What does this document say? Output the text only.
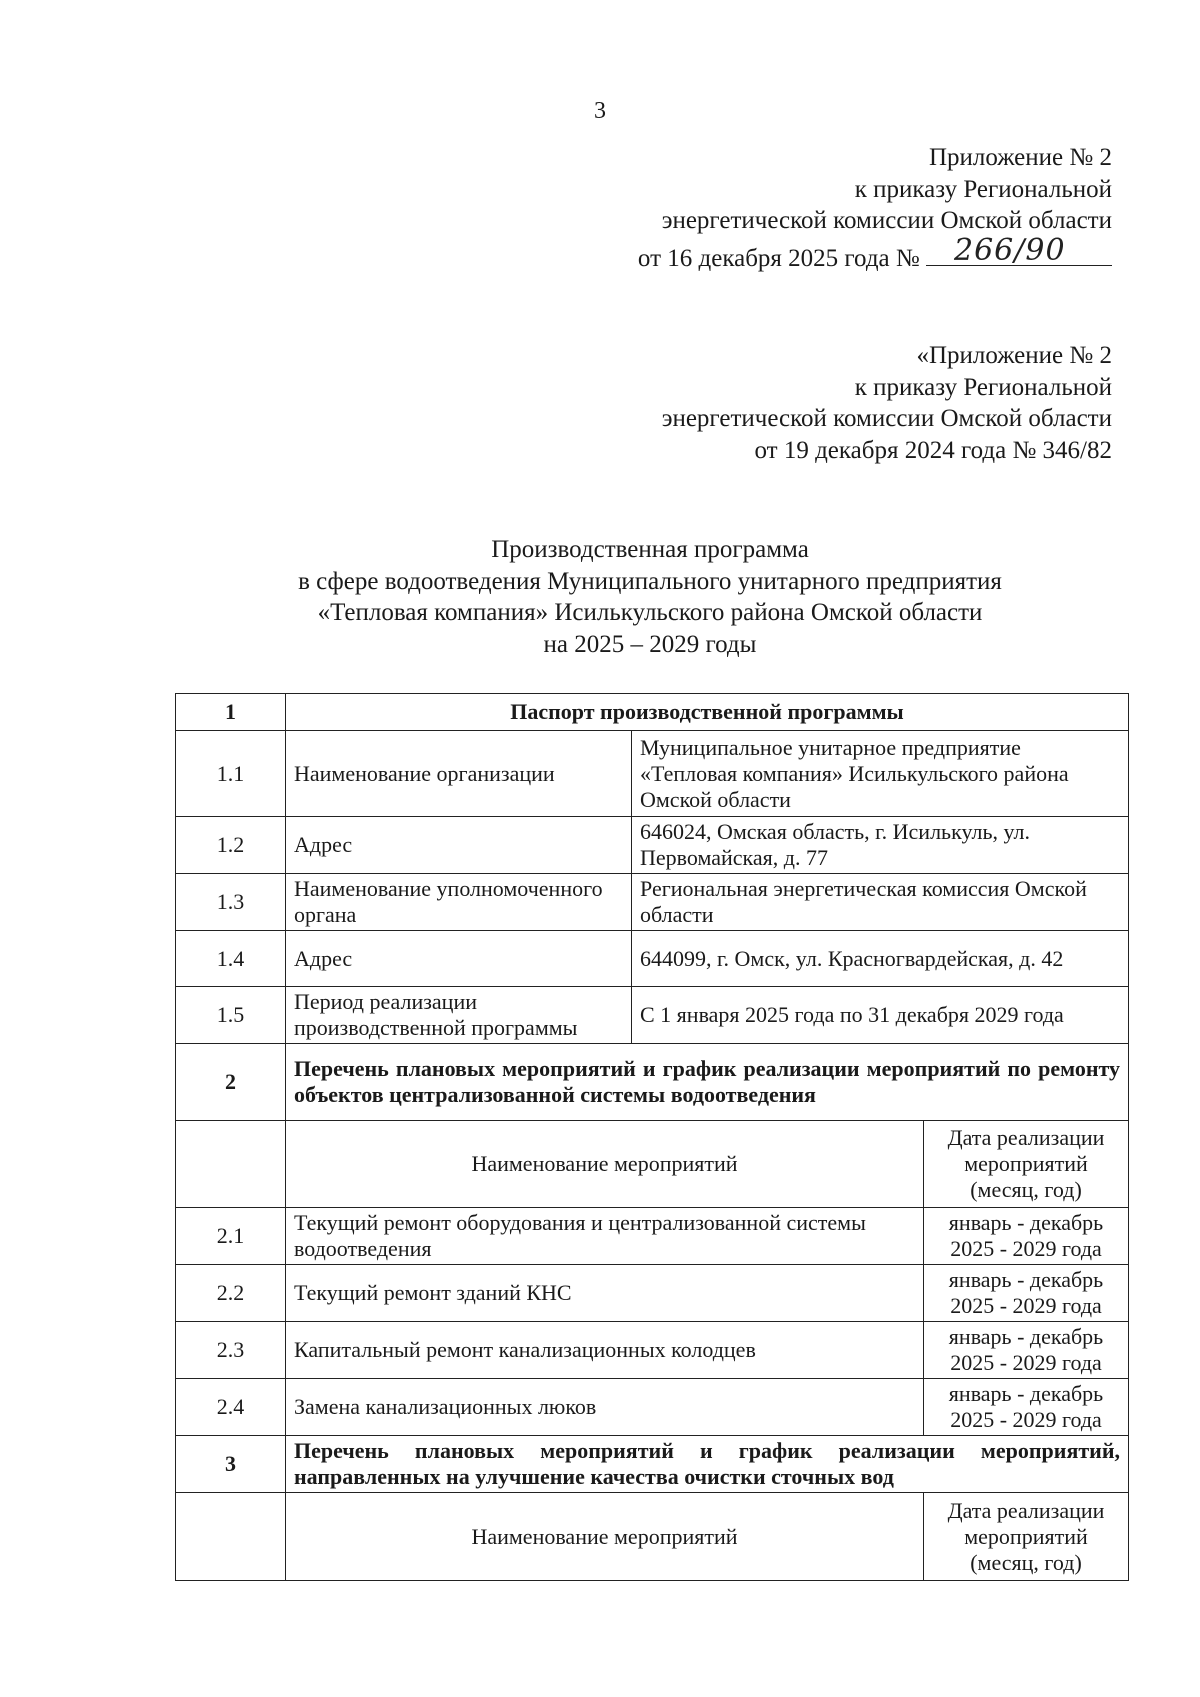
3
Приложение № 2
к приказу Региональной
энергетической комиссии Омской области
от 16 декабря 2025 года № 266/90
«Приложение № 2
к приказу Региональной
энергетической комиссии Омской области
от 19 декабря 2024 года № 346/82
Производственная программа
в сфере водоотведения Муниципального унитарного предприятия
«Тепловая компания» Исилькульского района Омской области
на 2025 – 2029 годы
1	Паспорт производственной программы		
1.1	Наименование организации	Муниципальное унитарное предприятие «Тепловая компания» Исилькульского района Омской области	
1.2	Адрес	646024, Омская область, г. Исилькуль, ул. Первомайская, д. 77	
1.3	Наименование уполномоченного органа	Региональная энергетическая комиссия Омской области	
1.4	Адрес	644099, г. Омск, ул. Красногвардейская, д. 42	
1.5	Период реализации производственной программы	С 1 января 2025 года по 31 декабря 2029 года	
2	Перечень плановых мероприятий и график реализации мероприятий по ремонту объектов централизованной системы водоотведения		
	Наименование мероприятий		Дата реализации мероприятий (месяц, год)
2.1	Текущий ремонт оборудования и централизованной системы водоотведения		январь - декабрь 2025 - 2029 года
2.2	Текущий ремонт зданий КНС		январь - декабрь 2025 - 2029 года
2.3	Капитальный ремонт канализационных колодцев		январь - декабрь 2025 - 2029 года
2.4	Замена канализационных люков		январь - декабрь 2025 - 2029 года
3	Перечень плановых мероприятий и график реализации мероприятий, направленных на улучшение качества очистки сточных вод		
	Наименование мероприятий		Дата реализации мероприятий (месяц, год)
